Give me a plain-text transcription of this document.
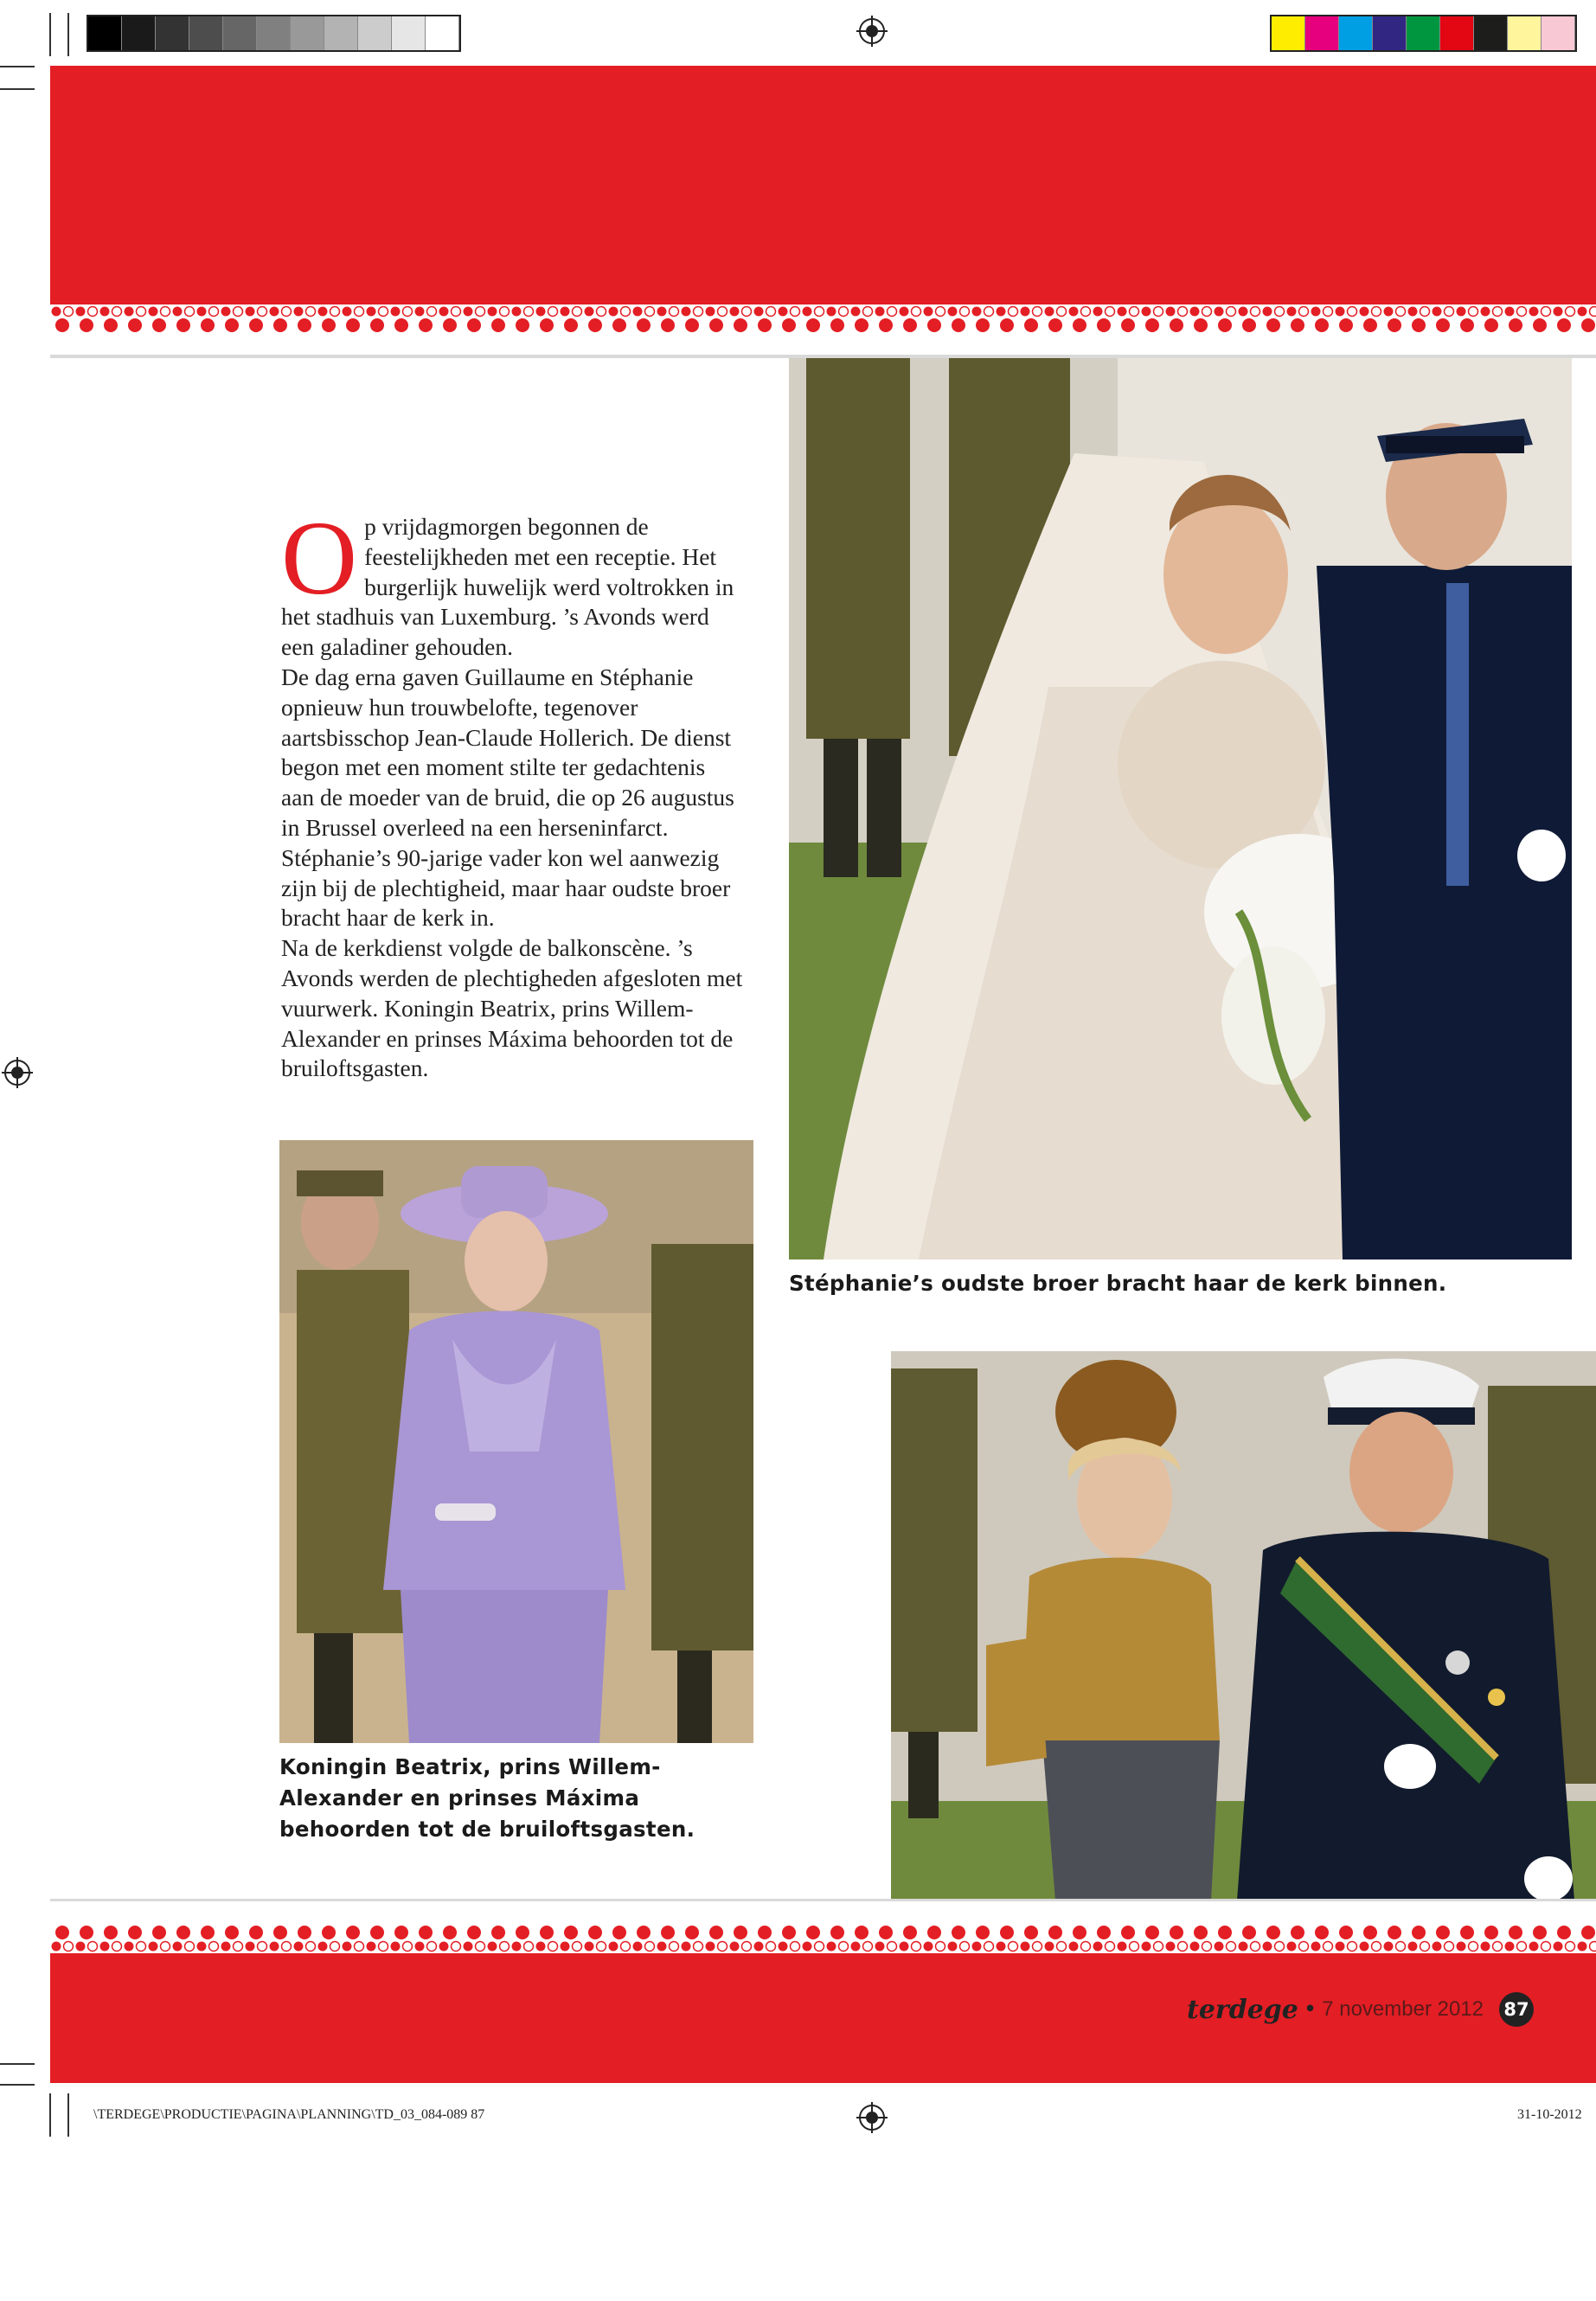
O p vrijdagmorgen begonnen de feestelijkheden met een receptie. Het burgerlijk huwelijk werd voltrokken in het stadhuis van Luxemburg. ’s Avonds werd een galadiner gehouden.

De dag erna gaven Guillaume en Stéphanie opnieuw hun trouwbelofte, tegenover aartsbisschop Jean-Claude Hollerich. De dienst begon met een moment stilte ter gedachtenis aan de moeder van de bruid, die op 26 augustus in Brussel overleed na een herseninfarct. Stéphanie’s 90-jarige vader kon wel aanwezig zijn bij de plechtigheid, maar haar oudste broer bracht haar de kerk in.

Na de kerkdienst volgde de balkonscène. ’s Avonds werden de plechtigheden afgesloten met vuurwerk. Koningin Beatrix, prins Willem-Alexander en prinses Máxima behoorden tot de bruiloftsgasten.

Stéphanie’s oudste broer bracht haar de kerk binnen.
Koningin Beatrix, prins Willem-Alexander en prinses Máxima behoorden tot de bruiloftsgasten.
terdege • 7 november 2012 87
\TERDEGE\PRODUCTIE\PAGINA\PLANNING\TD_03_084-089 87	31-10-2012
